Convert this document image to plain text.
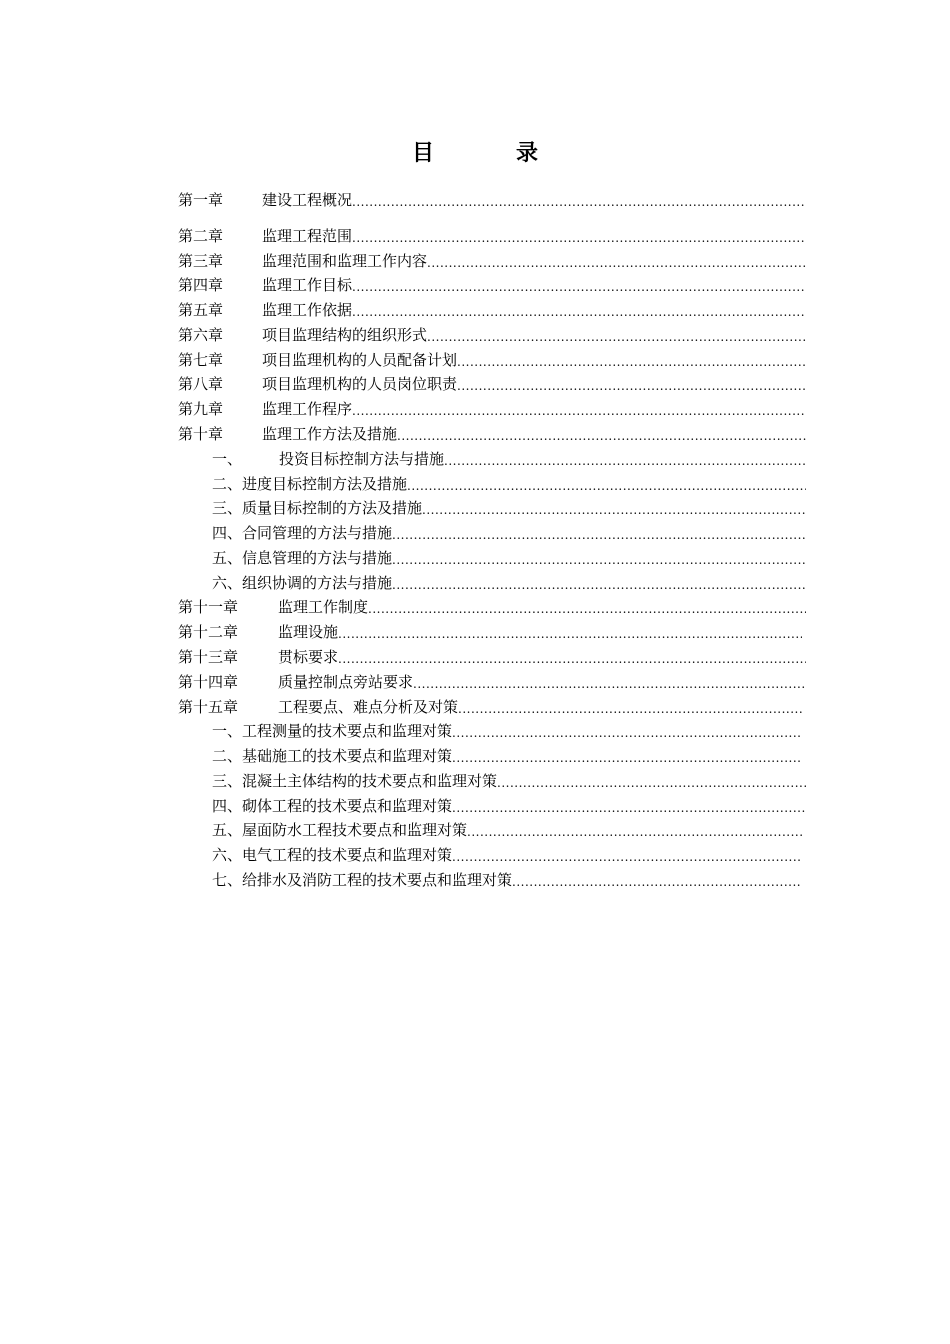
目　录
第一章	建设工程概况
.....
第二章	监理工程范围
.....
第三章	监理范围和监理工作内容
.....
第四章	监理工作目标
.....
第五章	监理工作依据
.....
第六章	项目监理结构的组织形式
.....
第七章	项目监理机构的人员配备计划
.....
第八章	项目监理机构的人员岗位职责
.....
第九章	监理工作程序
.....
第十章	监理工作方法及措施
.....
一、	投资目标控制方法与措施
.....
二、进度目标控制方法及措施
.....
三、质量目标控制的方法及措施
.....
四、合同管理的方法与措施
.....
五、信息管理的方法与措施
.....
六、组织协调的方法与措施
.....
第十一章	监理工作制度
.....
第十二章	监理设施
.....
第十三章	贯标要求
.....
第十四章	质量控制点旁站要求
.....
第十五章	工程要点、难点分析及对策
.....
一、工程测量的技术要点和监理对策
.....
二、基础施工的技术要点和监理对策
.....
三、混凝土主体结构的技术要点和监理对策
.....
四、砌体工程的技术要点和监理对策
.....
五、屋面防水工程技术要点和监理对策
.....
六、电气工程的技术要点和监理对策
.....
七、给排水及消防工程的技术要点和监理对策
.....
